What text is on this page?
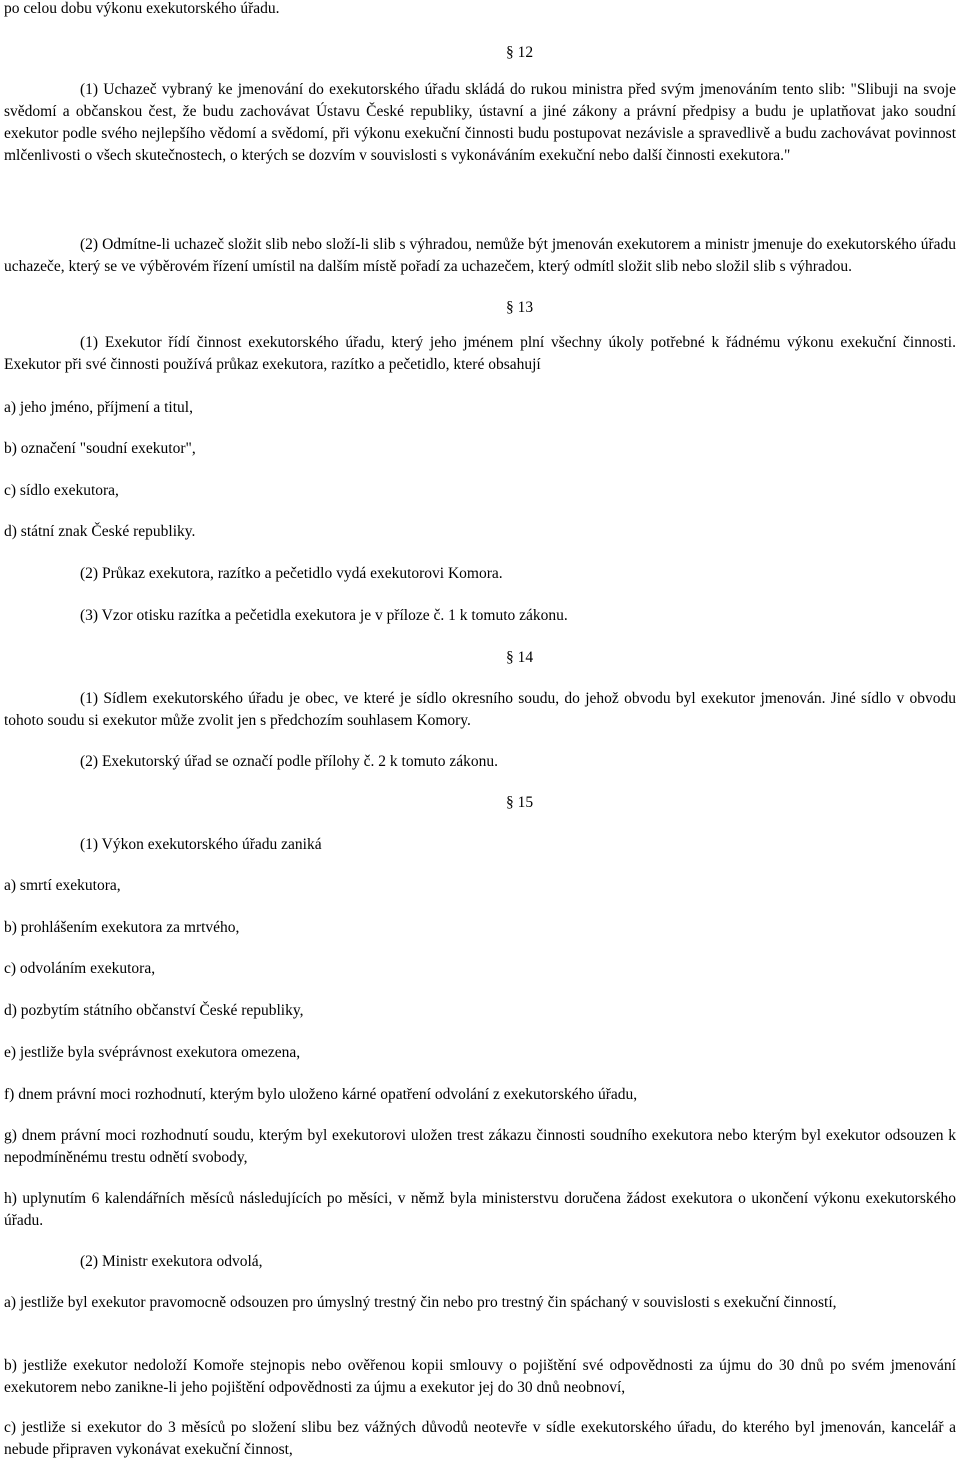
po celou dobu výkonu exekutorského úřadu.

§ 12

(1) Uchazeč vybraný ke jmenování do exekutorského úřadu skládá do rukou ministra před svým jmenováním tento slib: "Slibuji na svoje svědomí a občanskou čest, že budu zachovávat Ústavu České republiky, ústavní a jiné zákony a právní předpisy a budu je uplatňovat jako soudní exekutor podle svého nejlepšího vědomí a svědomí, při výkonu exekuční činnosti budu postupovat nezávisle a spravedlivě a budu zachovávat povinnost mlčenlivosti o všech skutečnostech, o kterých se dozvím v souvislosti s vykonáváním exekuční nebo další činnosti exekutora."

(2) Odmítne-li uchazeč složit slib nebo složí-li slib s výhradou, nemůže být jmenován exekutorem a ministr jmenuje do exekutorského úřadu uchazeče, který se ve výběrovém řízení umístil na dalším místě pořadí za uchazečem, který odmítl složit slib nebo složil slib s výhradou.

§ 13

(1) Exekutor řídí činnost exekutorského úřadu, který jeho jménem plní všechny úkoly potřebné k řádnému výkonu exekuční činnosti. Exekutor při své činnosti používá průkaz exekutora, razítko a pečetidlo, které obsahují

a) jeho jméno, příjmení a titul,

b) označení "soudní exekutor",

c) sídlo exekutora,

d) státní znak České republiky.

(2) Průkaz exekutora, razítko a pečetidlo vydá exekutorovi Komora.

(3) Vzor otisku razítka a pečetidla exekutora je v příloze č. 1 k tomuto zákonu.

§ 14

(1) Sídlem exekutorského úřadu je obec, ve které je sídlo okresního soudu, do jehož obvodu byl exekutor jmenován. Jiné sídlo v obvodu tohoto soudu si exekutor může zvolit jen s předchozím souhlasem Komory.

(2) Exekutorský úřad se označí podle přílohy č. 2 k tomuto zákonu.

§ 15

(1) Výkon exekutorského úřadu zaniká

a) smrtí exekutora,

b) prohlášením exekutora za mrtvého,

c) odvoláním exekutora,

d) pozbytím státního občanství České republiky,

e) jestliže byla svéprávnost exekutora omezena,

f) dnem právní moci rozhodnutí, kterým bylo uloženo kárné opatření odvolání z exekutorského úřadu,

g) dnem právní moci rozhodnutí soudu, kterým byl exekutorovi uložen trest zákazu činnosti soudního exekutora nebo kterým byl exekutor odsouzen k nepodmíněnému trestu odnětí svobody,

h) uplynutím 6 kalendářních měsíců následujících po měsíci, v němž byla ministerstvu doručena žádost exekutora o ukončení výkonu exekutorského úřadu.

(2) Ministr exekutora odvolá,

a) jestliže byl exekutor pravomocně odsouzen pro úmyslný trestný čin nebo pro trestný čin spáchaný v souvislosti s exekuční činností,

b) jestliže exekutor nedoloží Komoře stejnopis nebo ověřenou kopii smlouvy o pojištění své odpovědnosti za újmu do 30 dnů po svém jmenování exekutorem nebo zanikne-li jeho pojištění odpovědnosti za újmu a exekutor jej do 30 dnů neobnoví,

c) jestliže si exekutor do 3 měsíců po složení slibu bez vážných důvodů neotevře v sídle exekutorského úřadu, do kterého byl jmenován, kancelář a nebude připraven vykonávat exekuční činnost,
